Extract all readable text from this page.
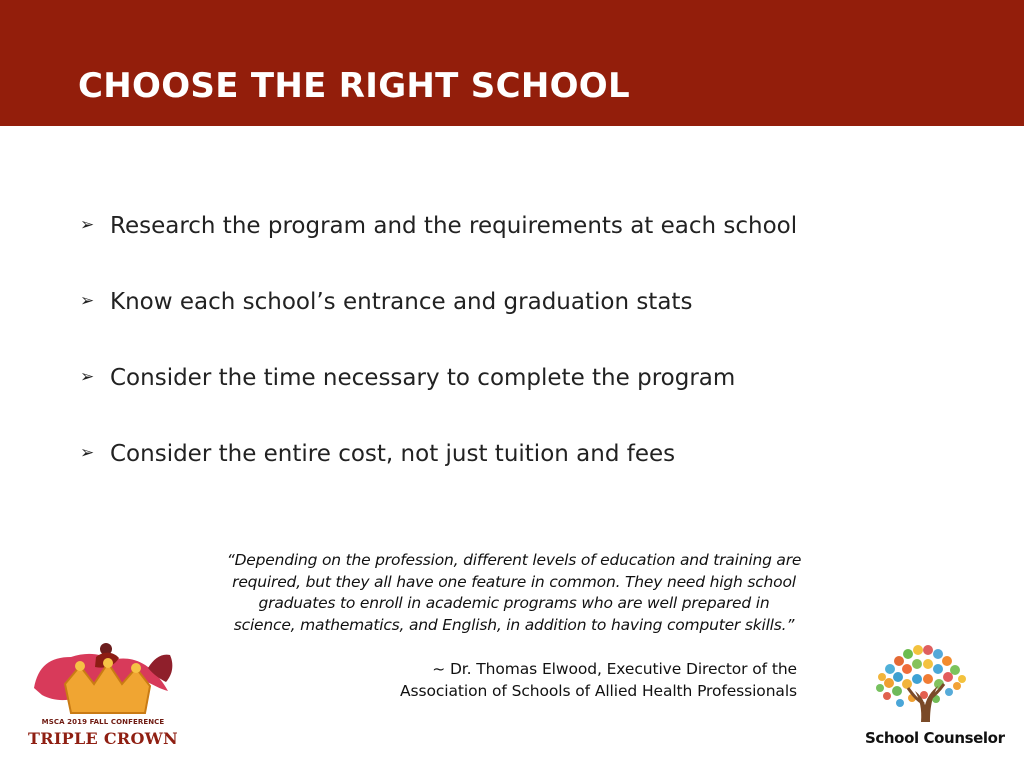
CHOOSE THE RIGHT SCHOOL
➢ Research the program and the requirements at each school
➢ Know each school’s entrance and graduation stats
➢ Consider the time necessary to complete the program
➢ Consider the entire cost, not just tuition and fees

“Depending on the profession, different levels of education and training are required, but they all have one feature in common. They need high school graduates to enroll in academic programs who are well prepared in science, mathematics, and English, in addition to having computer skills.”

~ Dr. Thomas Elwood, Executive Director of the
Association of Schools of Allied Health Professionals
MSCA 2019 FALL CONFERENCE
TRIPLE CROWN	School Counselor
